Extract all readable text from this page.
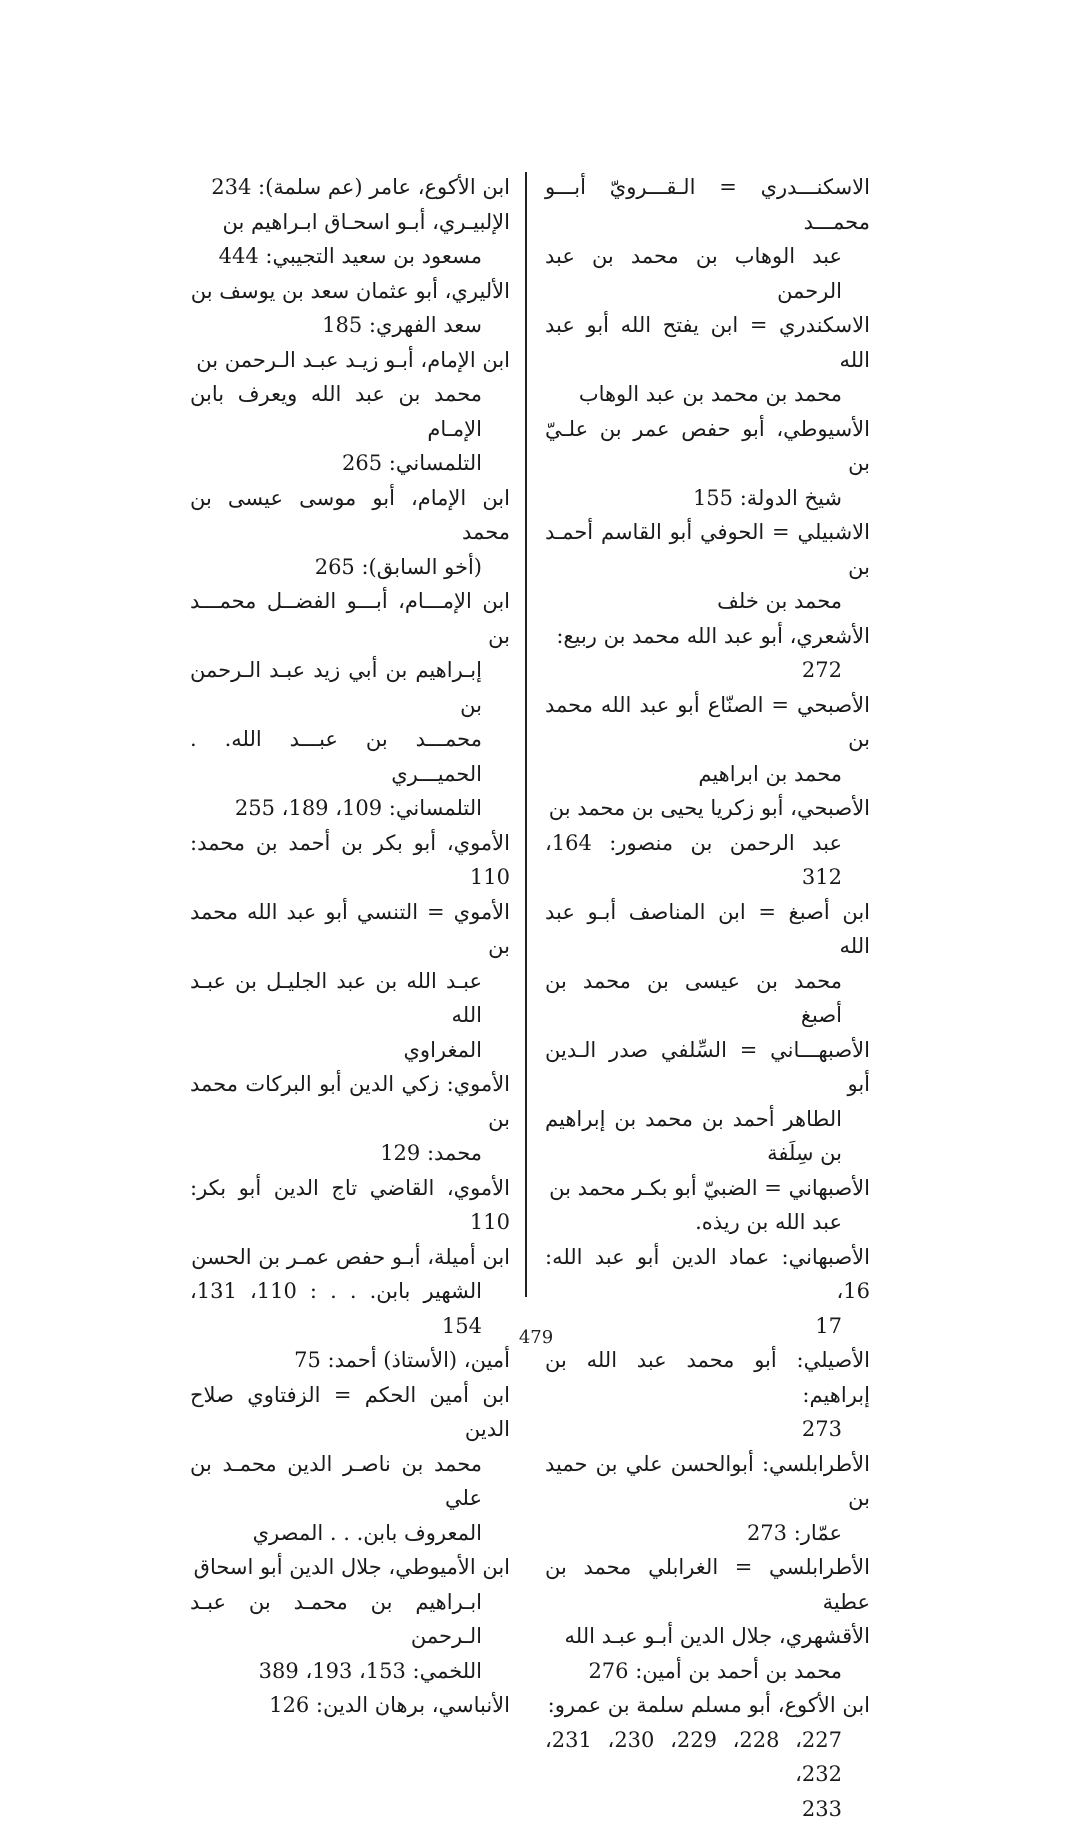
الاسكنـــدري = الـقـــرويّ أبـــو محمـــد
عبد الوهاب بن محمد بن عبد الرحمن
الاسكندري = ابن يفتح الله أبو عبد الله
محمد بن محمد بن عبد الوهاب
الأسيوطي، أبو حفص عمر بن علـيّ بن
شيخ الدولة: 155
الاشبيلي = الحوفي أبو القاسم أحمـد بن
محمد بن خلف
الأشعري، أبو عبد الله محمد بن ربيع:
272
الأصبحي = الصنّاع أبو عبد الله محمد بن
محمد بن ابراهيم
الأصبحي، أبو زكريا يحيى بن محمد بن
عبد الرحمن بن منصور: 164، 312
ابن أصبغ = ابن المناصف أبـو عبد الله
محمد بن عيسى بن محمد بن أصبغ
الأصبهـــاني = السِّلفي صدر الـدين أبو
الطاهر أحمد بن محمد بن إبراهيم بن سِلَفة
الأصبهاني = الضبيّ أبو بكـر محمد بن
عبد الله بن ريذه.
الأصبهاني: عماد الدين أبو عبد الله: 16،
17
الأصيلي: أبو محمد عبد الله بن إبراهيم:
273
الأطرابلسي: أبوالحسن علي بن حميد بن
عمّار: 273
الأطرابلسي = الغرابلي محمد بن عطية
الأقشهري، جلال الدين أبـو عبـد الله
محمد بن أحمد بن أمين: 276
ابن الأكوع، أبو مسلم سلمة بن عمرو:
227، 228، 229، 230، 231، 232،
233
ابن الأكوع، عامر (عم سلمة): 234
الإلبيـري، أبـو اسحـاق ابـراهيم بن
مسعود بن سعيد التجيبي: 444
الأليري، أبو عثمان سعد بن يوسف بن
سعد الفهري: 185
ابن الإمام، أبـو زيـد عبـد الـرحمن بن
محمد بن عبد الله ويعرف بابن الإمـام
التلمساني: 265
ابن الإمام، أبو موسى عيسى بن محمد
(أخو السابق): 265
ابن الإمـــام، أبـــو الفضــل محمـــد بن
إبـراهيم بن أبي زيد عبـد الـرحمن بن
محمـــد بن عبـــد الله. . الحميـــري
التلمساني: 109، 189، 255
الأموي، أبو بكر بن أحمد بن محمد: 110
الأموي = التنسي أبو عبد الله محمد بن
عبـد الله بن عبد الجليـل بن عبـد الله
المغراوي
الأموي: زكي الدين أبو البركات محمد بن
محمد: 129
الأموي، القاضي تاج الدين أبو بكر: 110
ابن أميلة، أبـو حفص عمـر بن الحسن
الشهير بابن. . . : 110، 131، 154
أمين، (الأستاذ) أحمد: 75
ابن أمين الحكم = الزفتاوي صلاح الدين
محمد بن ناصـر الدين محمـد بن علي
المعروف بابن. . . المصري
ابن الأميوطي، جلال الدين أبو اسحاق
ابـراهيم بن محمـد بن عبـد الـرحمن
اللخمي: 153، 193، 389
الأنباسي، برهان الدين: 126
479
